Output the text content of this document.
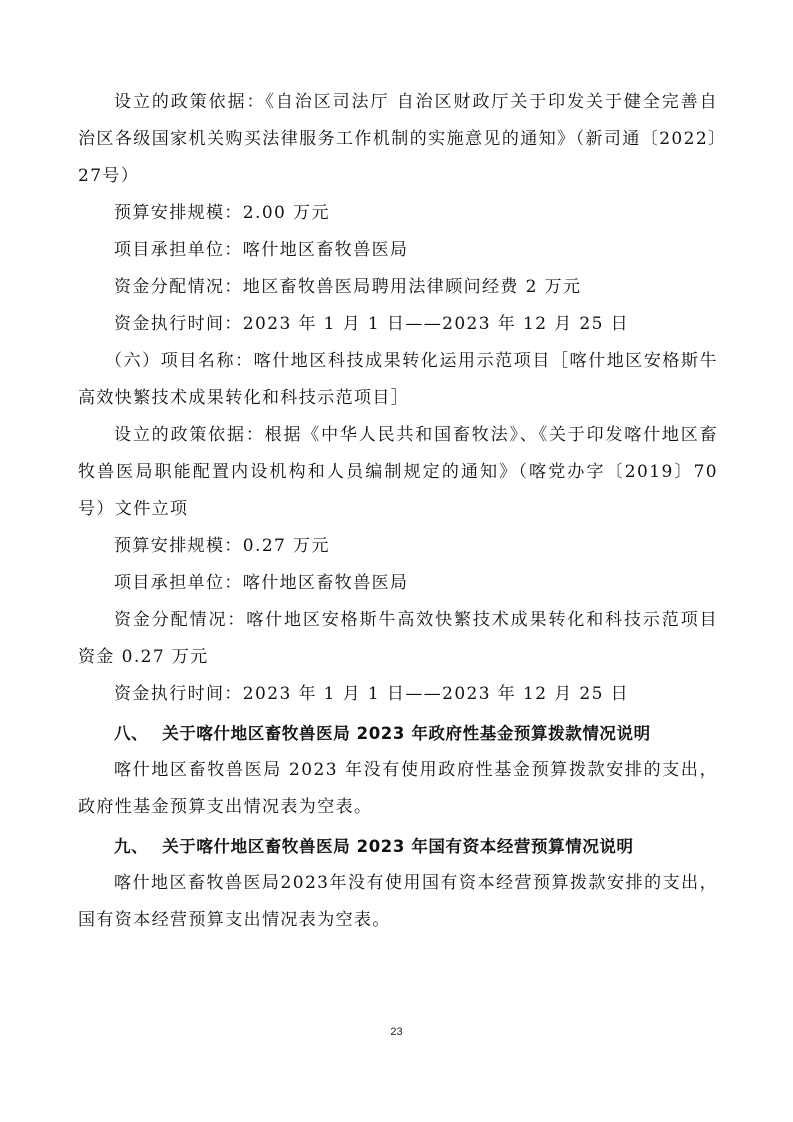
设立的政策依据：《自治区司法厅 自治区财政厅关于印发关于健全完善自治区各级国家机关购买法律服务工作机制的实施意见的通知》（新司通〔2022〕27号）

预算安排规模：2.00 万元

项目承担单位：喀什地区畜牧兽医局

资金分配情况：地区畜牧兽医局聘用法律顾问经费 2 万元

资金执行时间：2023 年 1 月 1 日——2023 年 12 月 25 日

（六）项目名称：喀什地区科技成果转化运用示范项目［喀什地区安格斯牛高效快繁技术成果转化和科技示范项目］

设立的政策依据：根据《中华人民共和国畜牧法》、《关于印发喀什地区畜牧兽医局职能配置内设机构和人员编制规定的通知》（喀党办字〔2019〕70号）文件立项

预算安排规模：0.27 万元

项目承担单位：喀什地区畜牧兽医局

资金分配情况：喀什地区安格斯牛高效快繁技术成果转化和科技示范项目资金 0.27 万元

资金执行时间：2023 年 1 月 1 日——2023 年 12 月 25 日

八、 关于喀什地区畜牧兽医局 2023 年政府性基金预算拨款情况说明

喀什地区畜牧兽医局 2023 年没有使用政府性基金预算拨款安排的支出，政府性基金预算支出情况表为空表。

九、 关于喀什地区畜牧兽医局 2023 年国有资本经营预算情况说明

喀什地区畜牧兽医局2023年没有使用国有资本经营预算拨款安排的支出，国有资本经营预算支出情况表为空表。

23
